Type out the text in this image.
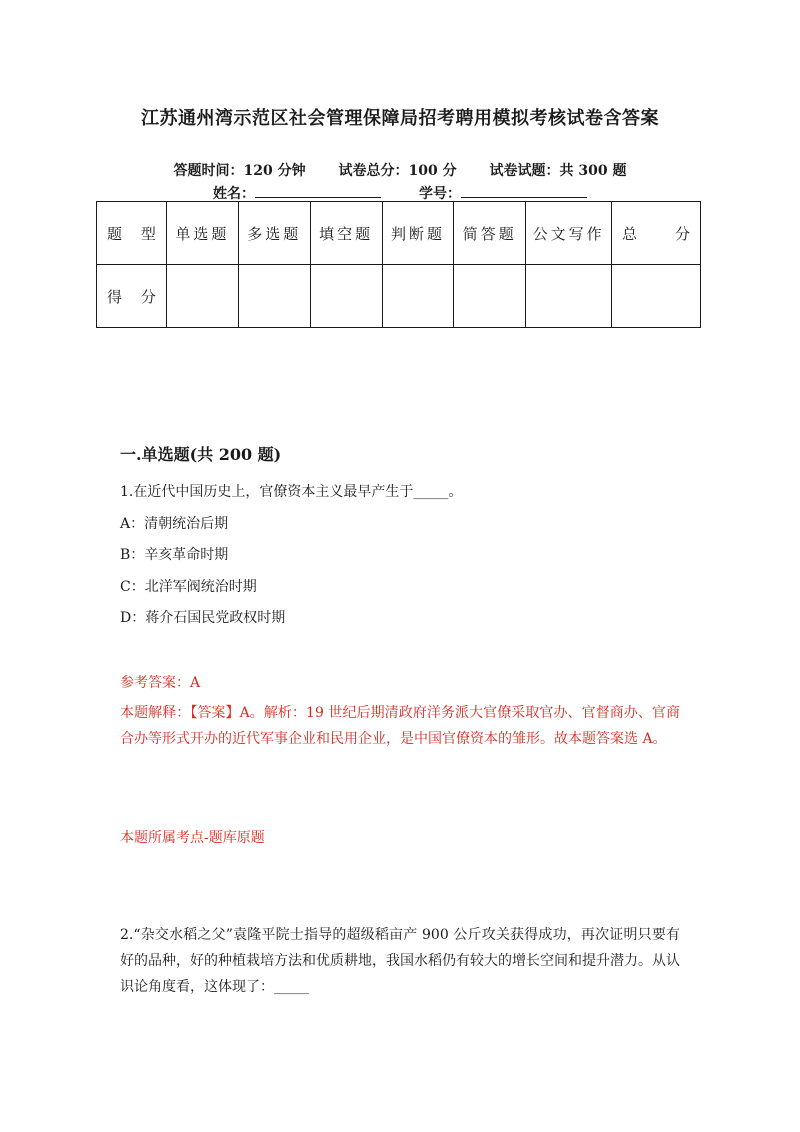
江苏通州湾示范区社会管理保障局招考聘用模拟考核试卷含答案
答题时间：120 分钟 试卷总分：100 分 试卷试题：共 300 题
姓名：	学号：
题 型	单选题	多选题	填空题	判断题	简答题	公文写作	总 分

得 分							

一.单选题(共 200 题)
1.在近代中国历史上，官僚资本主义最早产生于_____。
A：清朝统治后期
B：辛亥革命时期
C：北洋军阀统治时期
D：蒋介石国民党政权时期
参考答案：A
本题解释：【答案】A。解析：19 世纪后期清政府洋务派大官僚采取官办、官督商办、官商合办等形式开办的近代军事企业和民用企业，是中国官僚资本的雏形。故本题答案选 A。
本题所属考点-题库原题
2.“杂交水稻之父”袁隆平院士指导的超级稻亩产 900 公斤攻关获得成功，再次证明只要有好的品种，好的种植栽培方法和优质耕地，我国水稻仍有较大的增长空间和提升潜力。从认识论角度看，这体现了：_____
